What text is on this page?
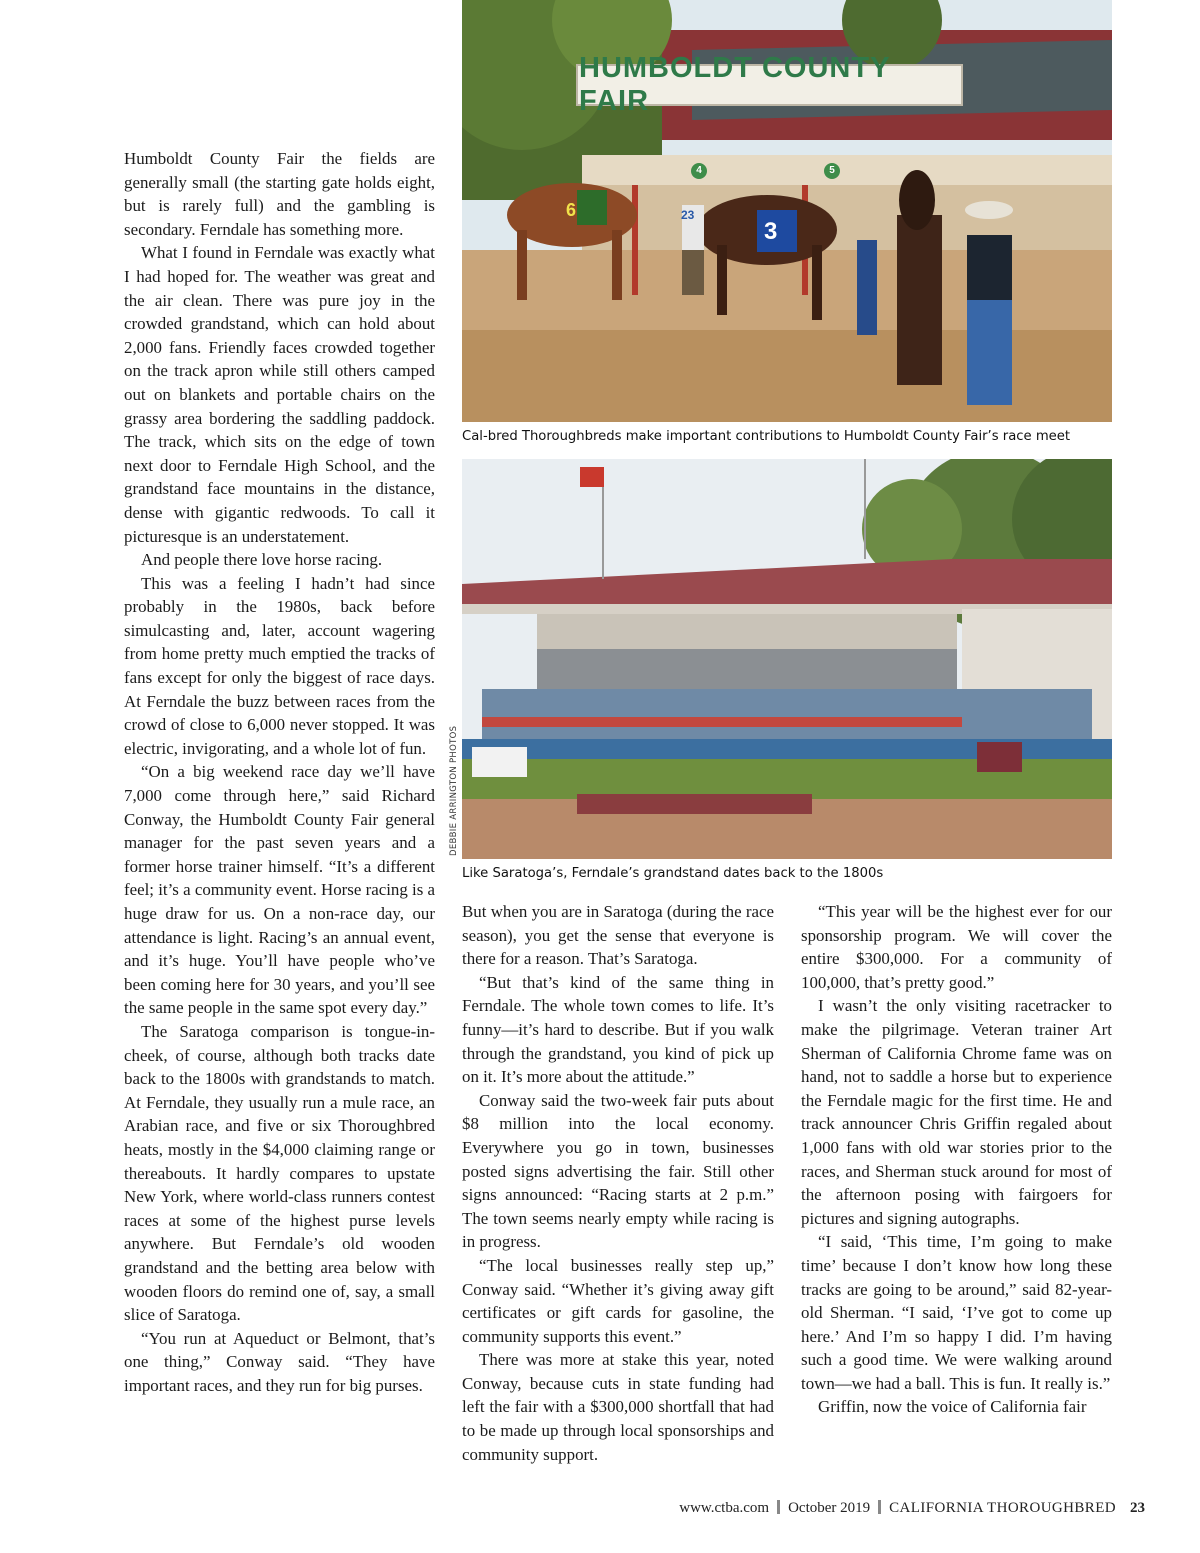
HUMBOLDT COUNTY FAIR
6	23
3
4	5
Cal-bred Thoroughbreds make important contributions to Humboldt County Fair’s race meet
DEBBIE ARRINGTON PHOTOS
Like Saratoga’s, Ferndale’s grandstand dates back to the 1800s

Humboldt County Fair the fields are generally small (the starting gate holds eight, but is rarely full) and the gambling is secondary. Ferndale has something more.

What I found in Ferndale was exactly what I had hoped for. The weather was great and the air clean. There was pure joy in the crowded grandstand, which can hold about 2,000 fans. Friendly faces crowded together on the track apron while still others camped out on blankets and portable chairs on the grassy area bordering the saddling paddock. The track, which sits on the edge of town next door to Ferndale High School, and the grandstand face mountains in the distance, dense with gigantic redwoods. To call it picturesque is an understatement.

And people there love horse racing.

This was a feeling I hadn’t had since probably in the 1980s, back before simulcasting and, later, account wagering from home pretty much emptied the tracks of fans except for only the biggest of race days. At Ferndale the buzz between races from the crowd of close to 6,000 never stopped. It was electric, invigorating, and a whole lot of fun.

“On a big weekend race day we’ll have 7,000 come through here,” said Richard Conway, the Humboldt County Fair general manager for the past seven years and a former horse trainer himself. “It’s a different feel; it’s a community event. Horse racing is a huge draw for us. On a non-race day, our attendance is light. Racing’s an annual event, and it’s huge. You’ll have people who’ve been coming here for 30 years, and you’ll see the same people in the same spot every day.”

The Saratoga comparison is tongue-in-cheek, of course, although both tracks date back to the 1800s with grandstands to match. At Ferndale, they usually run a mule race, an Arabian race, and five or six Thoroughbred heats, mostly in the $4,000 claiming range or thereabouts. It hardly compares to upstate New York, where world-class runners contest races at some of the highest purse levels anywhere. But Ferndale’s old wooden grandstand and the betting area below with wooden floors do remind one of, say, a small slice of Saratoga.

“You run at Aqueduct or Belmont, that’s one thing,” Conway said. “They have important races, and they run for big purses.

But when you are in Saratoga (during the race season), you get the sense that everyone is there for a reason. That’s Saratoga.

“But that’s kind of the same thing in Ferndale. The whole town comes to life. It’s funny—it’s hard to describe. But if you walk through the grandstand, you kind of pick up on it. It’s more about the attitude.”

Conway said the two-week fair puts about $8 million into the local economy. Everywhere you go in town, businesses posted signs advertising the fair. Still other signs announced: “Racing starts at 2 p.m.” The town seems nearly empty while racing is in progress.

“The local businesses really step up,” Conway said. “Whether it’s giving away gift certificates or gift cards for gasoline, the community supports this event.”

There was more at stake this year, noted Conway, because cuts in state funding had left the fair with a $300,000 shortfall that had to be made up through local sponsorships and community support.

“This year will be the highest ever for our sponsorship program. We will cover the entire $300,000. For a community of 100,000, that’s pretty good.”

I wasn’t the only visiting racetracker to make the pilgrimage. Veteran trainer Art Sherman of California Chrome fame was on hand, not to saddle a horse but to experience the Ferndale magic for the first time. He and track announcer Chris Griffin regaled about 1,000 fans with old war stories prior to the races, and Sherman stuck around for most of the afternoon posing with fairgoers for pictures and signing autographs.

“I said, ‘This time, I’m going to make time’ because I don’t know how long these tracks are going to be around,” said 82-year-old Sherman. “I said, ‘I’ve got to come up here.’ And I’m so happy I did. I’m having such a good time. We were walking around town—we had a ball. This is fun. It really is.”

Griffin, now the voice of California fair

www.ctba.com October 2019 CALIFORNIA THOROUGHBRED 23
